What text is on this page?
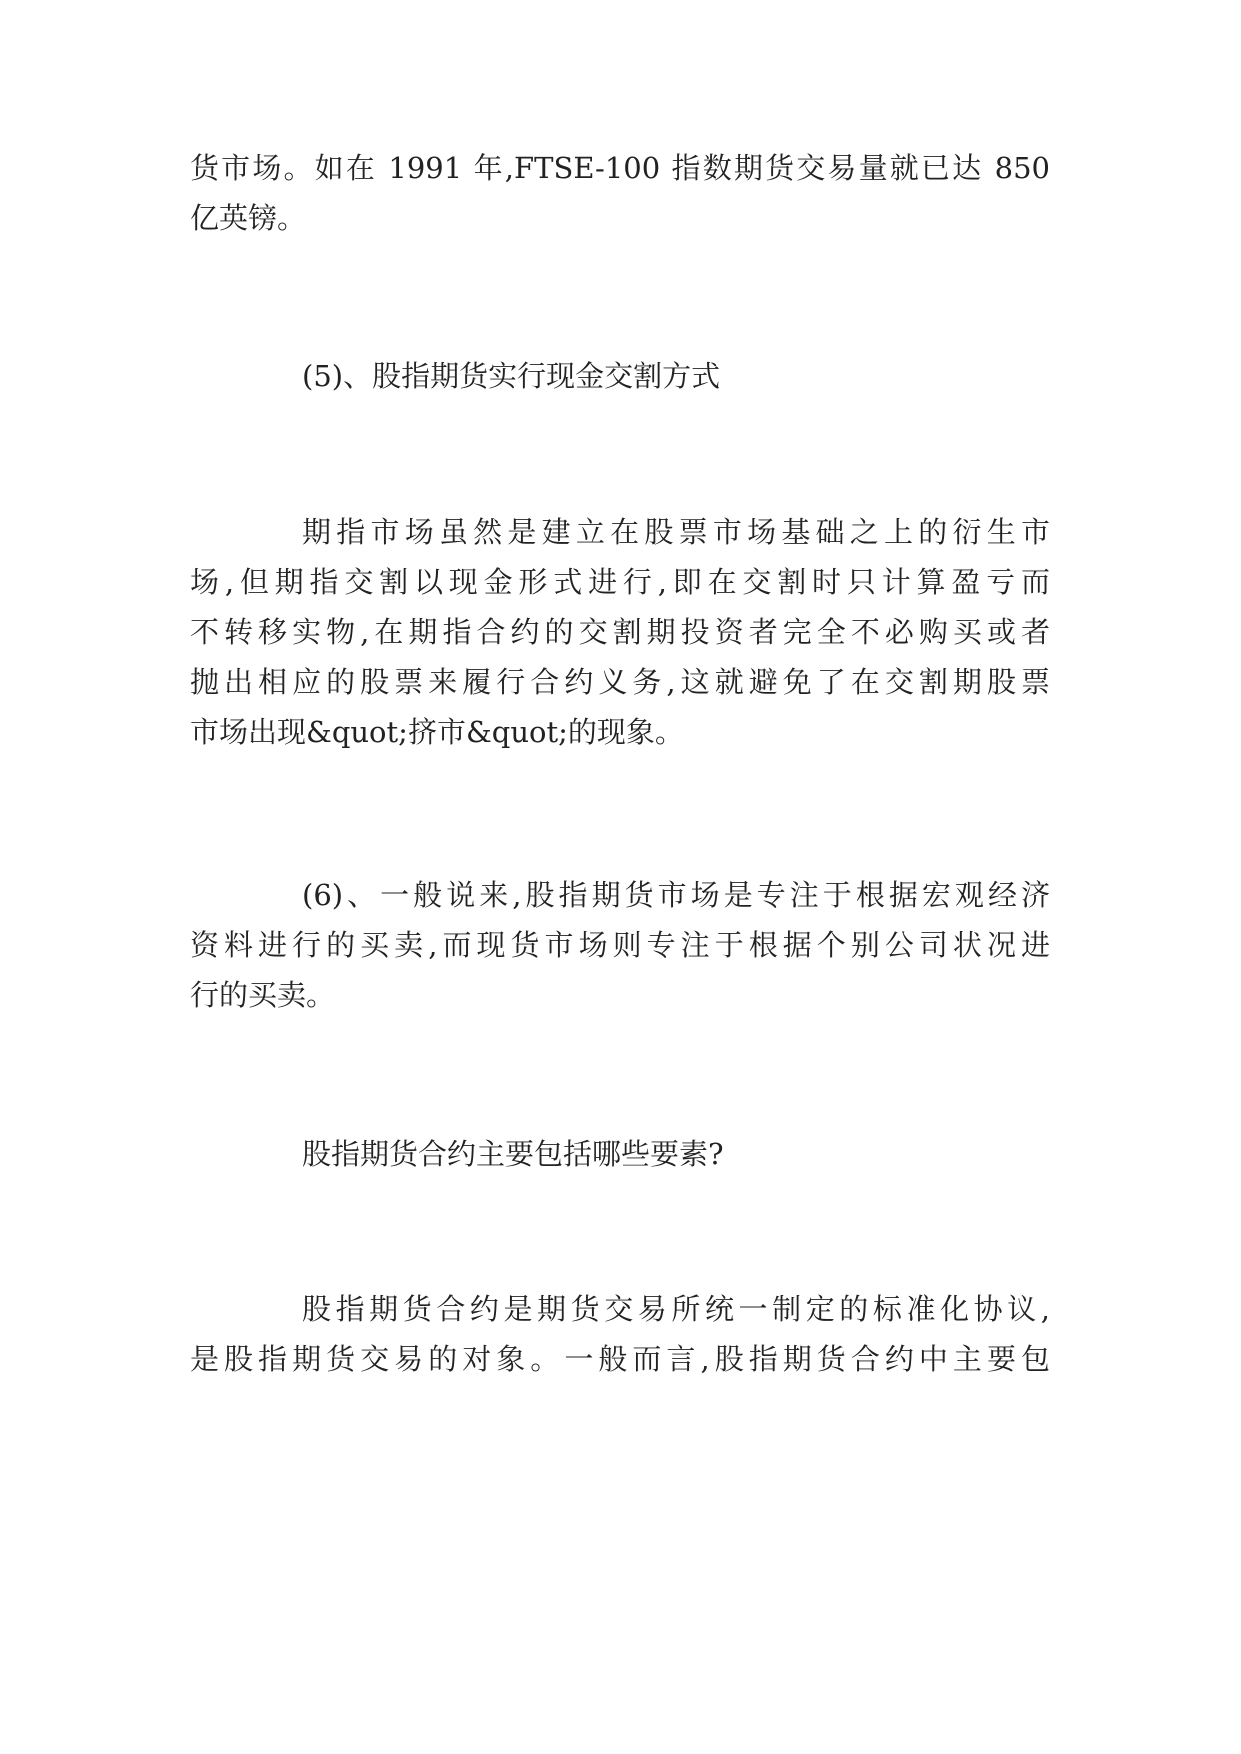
货市场。如在 1991 年,FTSE-100 指数期货交易量就已达 850
亿英镑。
(5)、股指期货实行现金交割方式
期指市场虽然是建立在股票市场基础之上的衍生市
场,但期指交割以现金形式进行,即在交割时只计算盈亏而
不转移实物,在期指合约的交割期投资者完全不必购买或者
抛出相应的股票来履行合约义务,这就避免了在交割期股票
市场出现&quot;挤市&quot;的现象。
(6)、一般说来,股指期货市场是专注于根据宏观经济
资料进行的买卖,而现货市场则专注于根据个别公司状况进
行的买卖。
股指期货合约主要包括哪些要素?
股指期货合约是期货交易所统一制定的标准化协议,
是股指期货交易的对象。一般而言,股指期货合约中主要包
